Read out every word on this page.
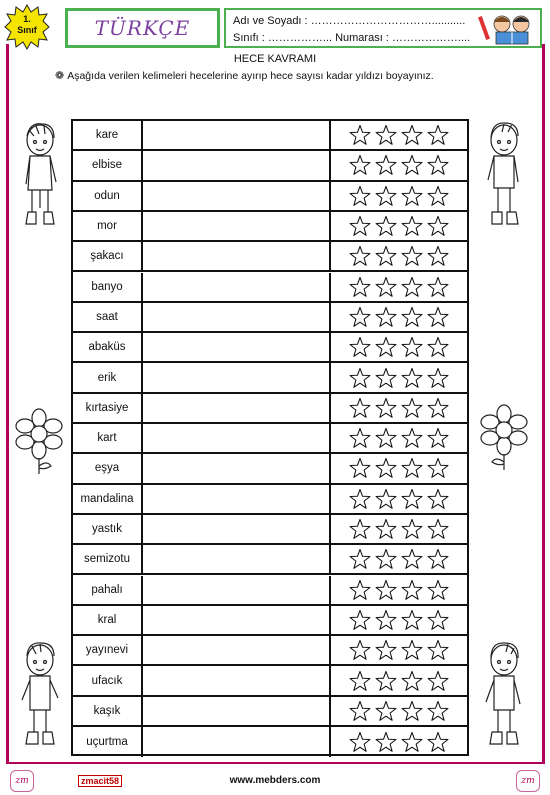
1.
Sınıf	TÜRKÇE	Adı ve Soyadı : ……………………………...........
Sınıfı : ……………... Numarası : ………………....
HECE KAVRAMI
❁ Aşağıda verilen kelimeleri hecelerine ayırıp hece sayısı kadar yıldızı boyayınız.
kare
elbise
odun
mor
şakacı
banyo
saat
abaküs
erik
kırtasiye
kart
eşya
mandalina
yastık
semizotu
pahalı
kral
yayınevi
ufacık
kaşık
uçurtma
zm	zmacit58	www.mebders.com	zm
